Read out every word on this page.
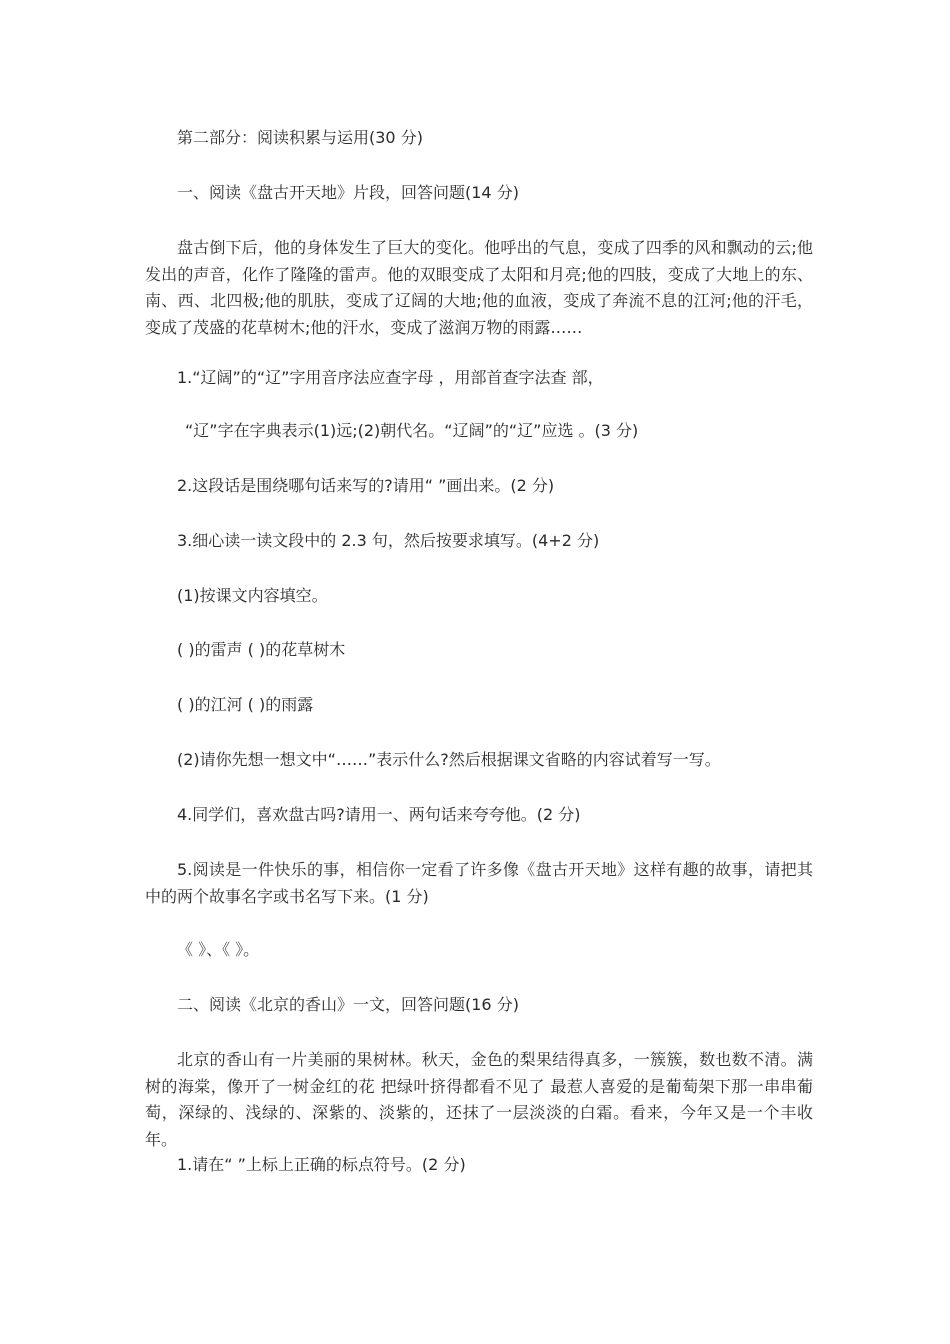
第二部分：阅读积累与运用(30 分)
一、阅读《盘古开天地》片段，回答问题(14 分)
盘古倒下后，他的身体发生了巨大的变化。他呼出的气息，变成了四季的风和飘动的云;他发出的声音，化作了隆隆的雷声。他的双眼变成了太阳和月亮;他的四肢，变成了大地上的东、南、西、北四极;他的肌肤，变成了辽阔的大地;他的血液，变成了奔流不息的江河;他的汗毛，变成了茂盛的花草树木;他的汗水，变成了滋润万物的雨露……
1.“辽阔”的“辽”字用音序法应查字母 ，用部首查字法查 部，
“辽”字在字典表示(1)远;(2)朝代名。“辽阔”的“辽”应选 。(3 分)
2.这段话是围绕哪句话来写的?请用“ ”画出来。(2 分)
3.细心读一读文段中的 2.3 句，然后按要求填写。(4+2 分)
(1)按课文内容填空。
( )的雷声 ( )的花草树木
( )的江河 ( )的雨露
(2)请你先想一想文中“……”表示什么?然后根据课文省略的内容试着写一写。
4.同学们，喜欢盘古吗?请用一、两句话来夸夸他。(2 分)
5.阅读是一件快乐的事，相信你一定看了许多像《盘古开天地》这样有趣的故事，请把其中的两个故事名字或书名写下来。(1 分)
《 》、《 》。
二、阅读《北京的香山》一文，回答问题(16 分)
北京的香山有一片美丽的果树林。秋天，金色的梨果结得真多，一簇簇，数也数不清。满树的海棠，像开了一树金红的花 把绿叶挤得都看不见了 最惹人喜爱的是葡萄架下那一串串葡萄，深绿的、浅绿的、深紫的、淡紫的，还抹了一层淡淡的白霜。看来，今年又是一个丰收年。
1.请在“ ”上标上正确的标点符号。(2 分)
